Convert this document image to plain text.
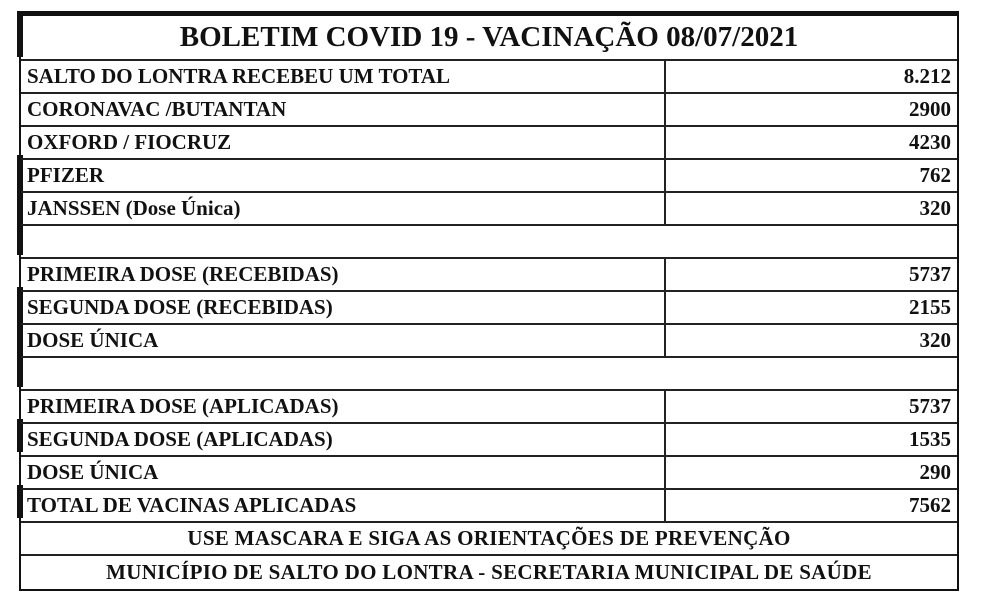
BOLETIM COVID 19 - VACINAÇÃO 08/07/2021
SALTO DO LONTRA RECEBEU UM TOTAL	8.212
CORONAVAC /BUTANTAN	2900
OXFORD / FIOCRUZ	4230
PFIZER	762
JANSSEN (Dose Única)	320
PRIMEIRA DOSE (RECEBIDAS)	5737
SEGUNDA DOSE (RECEBIDAS)	2155
DOSE ÚNICA	320
PRIMEIRA DOSE (APLICADAS)	5737
SEGUNDA DOSE (APLICADAS)	1535
DOSE ÚNICA	290
TOTAL DE VACINAS APLICADAS	7562
USE MASCARA E SIGA AS ORIENTAÇÕES DE PREVENÇÃO
MUNICÍPIO DE SALTO DO LONTRA - SECRETARIA MUNICIPAL DE SAÚDE
